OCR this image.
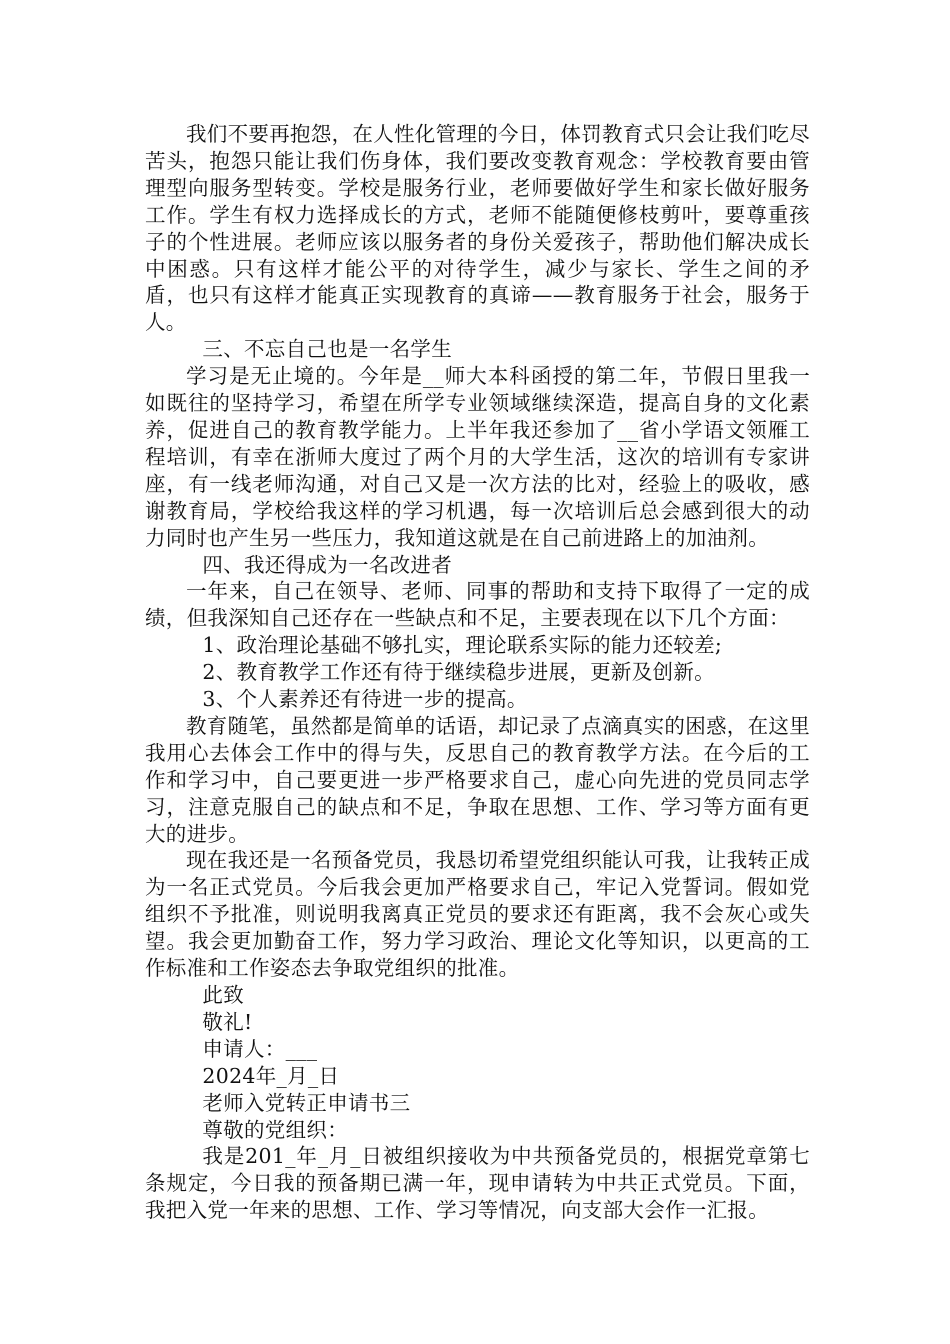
我们不要再抱怨，在人性化管理的今日，体罚教育式只会让我们吃尽苦头，抱怨只能让我们伤身体，我们要改变教育观念：学校教育要由管理型向服务型转变。学校是服务行业，老师要做好学生和家长做好服务工作。学生有权力选择成长的方式，老师不能随便修枝剪叶，要尊重孩子的个性进展。老师应该以服务者的身份关爱孩子，帮助他们解决成长中困惑。只有这样才能公平的对待学生，减少与家长、学生之间的矛盾，也只有这样才能真正实现教育的真谛——教育服务于社会，服务于人。

三、不忘自己也是一名学生

学习是无止境的。今年是__师大本科函授的第二年，节假日里我一如既往的坚持学习，希望在所学专业领域继续深造，提高自身的文化素养，促进自己的教育教学能力。上半年我还参加了__省小学语文领雁工程培训，有幸在浙师大度过了两个月的大学生活，这次的培训有专家讲座，有一线老师沟通，对自己又是一次方法的比对，经验上的吸收，感谢教育局，学校给我这样的学习机遇，每一次培训后总会感到很大的动力同时也产生另一些压力，我知道这就是在自己前进路上的加油剂。

四、我还得成为一名改进者

一年来，自己在领导、老师、同事的帮助和支持下取得了一定的成绩，但我深知自己还存在一些缺点和不足，主要表现在以下几个方面：

1、政治理论基础不够扎实，理论联系实际的能力还较差;

2、教育教学工作还有待于继续稳步进展，更新及创新。

3、个人素养还有待进一步的提高。

教育随笔，虽然都是简单的话语，却记录了点滴真实的困惑，在这里我用心去体会工作中的得与失，反思自己的教育教学方法。在今后的工作和学习中，自己要更进一步严格要求自己，虚心向先进的党员同志学习，注意克服自己的缺点和不足，争取在思想、工作、学习等方面有更大的进步。

现在我还是一名预备党员，我恳切希望党组织能认可我，让我转正成为一名正式党员。今后我会更加严格要求自己，牢记入党誓词。假如党组织不予批准，则说明我离真正党员的要求还有距离，我不会灰心或失望。我会更加勤奋工作，努力学习政治、理论文化等知识，以更高的工作标准和工作姿态去争取党组织的批准。

此致

敬礼!

申请人：___

2024年_月_日

老师入党转正申请书三

尊敬的党组织：

我是201_年_月_日被组织接收为中共预备党员的，根据党章第七条规定，今日我的预备期已满一年，现申请转为中共正式党员。下面，我把入党一年来的思想、工作、学习等情况，向支部大会作一汇报。
